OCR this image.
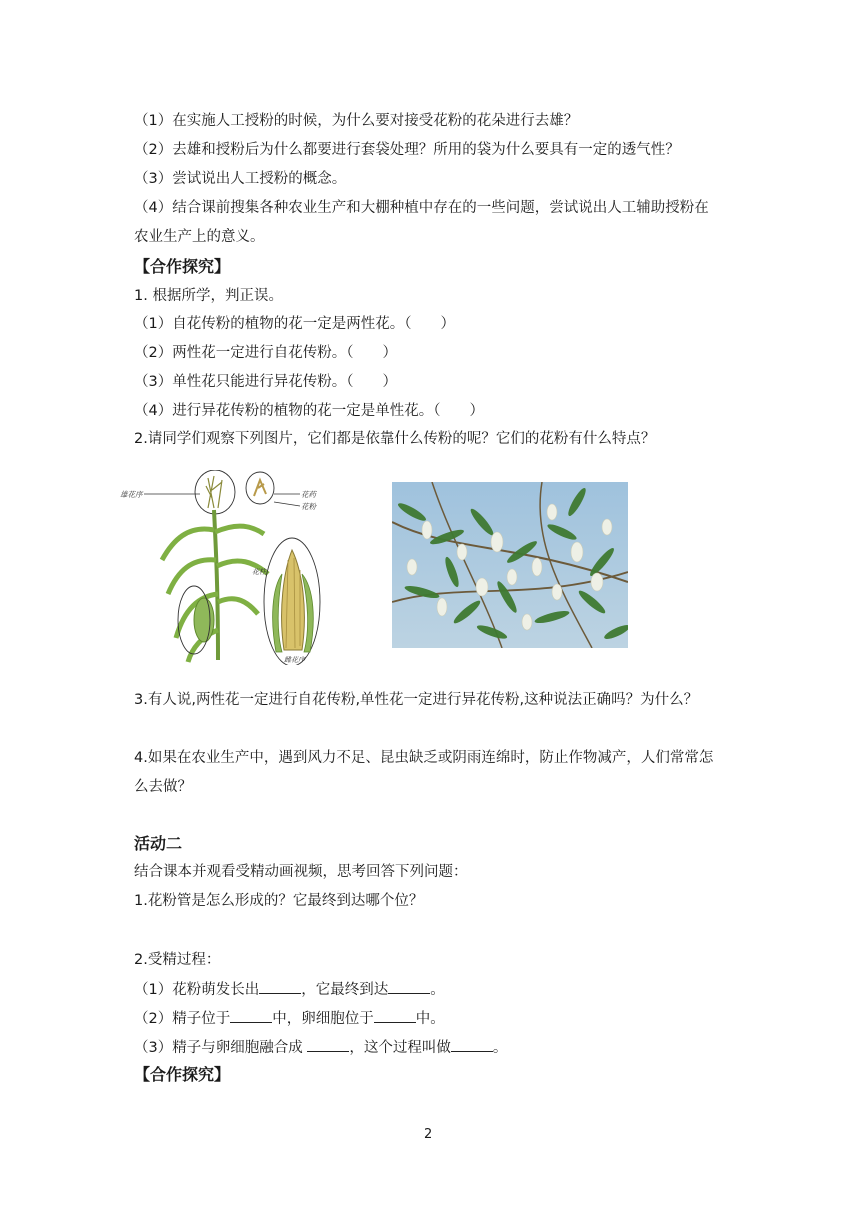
（1）在实施人工授粉的时候，为什么要对接受花粉的花朵进行去雄？
（2）去雄和授粉后为什么都要进行套袋处理？所用的袋为什么要具有一定的透气性？
（3）尝试说出人工授粉的概念。
（4）结合课前搜集各种农业生产和大棚种植中存在的一些问题，尝试说出人工辅助授粉在
农业生产上的意义。
【合作探究】
1. 根据所学，判正误。
（1）自花传粉的植物的花一定是两性花。（　　）
（2）两性花一定进行自花传粉。（　　）
（3）单性花只能进行异花传粉。（　　）
（4）进行异花传粉的植物的花一定是单性花。（　　）
2.请同学们观察下列图片，它们都是依靠什么传粉的呢？它们的花粉有什么特点？
雄花序	花药
花粉
花柱
雌花序
3.有人说,两性花一定进行自花传粉,单性花一定进行异花传粉,这种说法正确吗？为什么？
4.如果在农业生产中，遇到风力不足、昆虫缺乏或阴雨连绵时，防止作物减产，人们常常怎
么去做？
活动二
结合课本并观看受精动画视频，思考回答下列问题：
1.花粉管是怎么形成的？它最终到达哪个位？
2.受精过程：
（1）花粉萌发长出	，它最终到达	。
（2）精子位于	中，卵细胞位于	中。
（3）精子与卵细胞融合成	，这个过程叫做	。
【合作探究】
2
